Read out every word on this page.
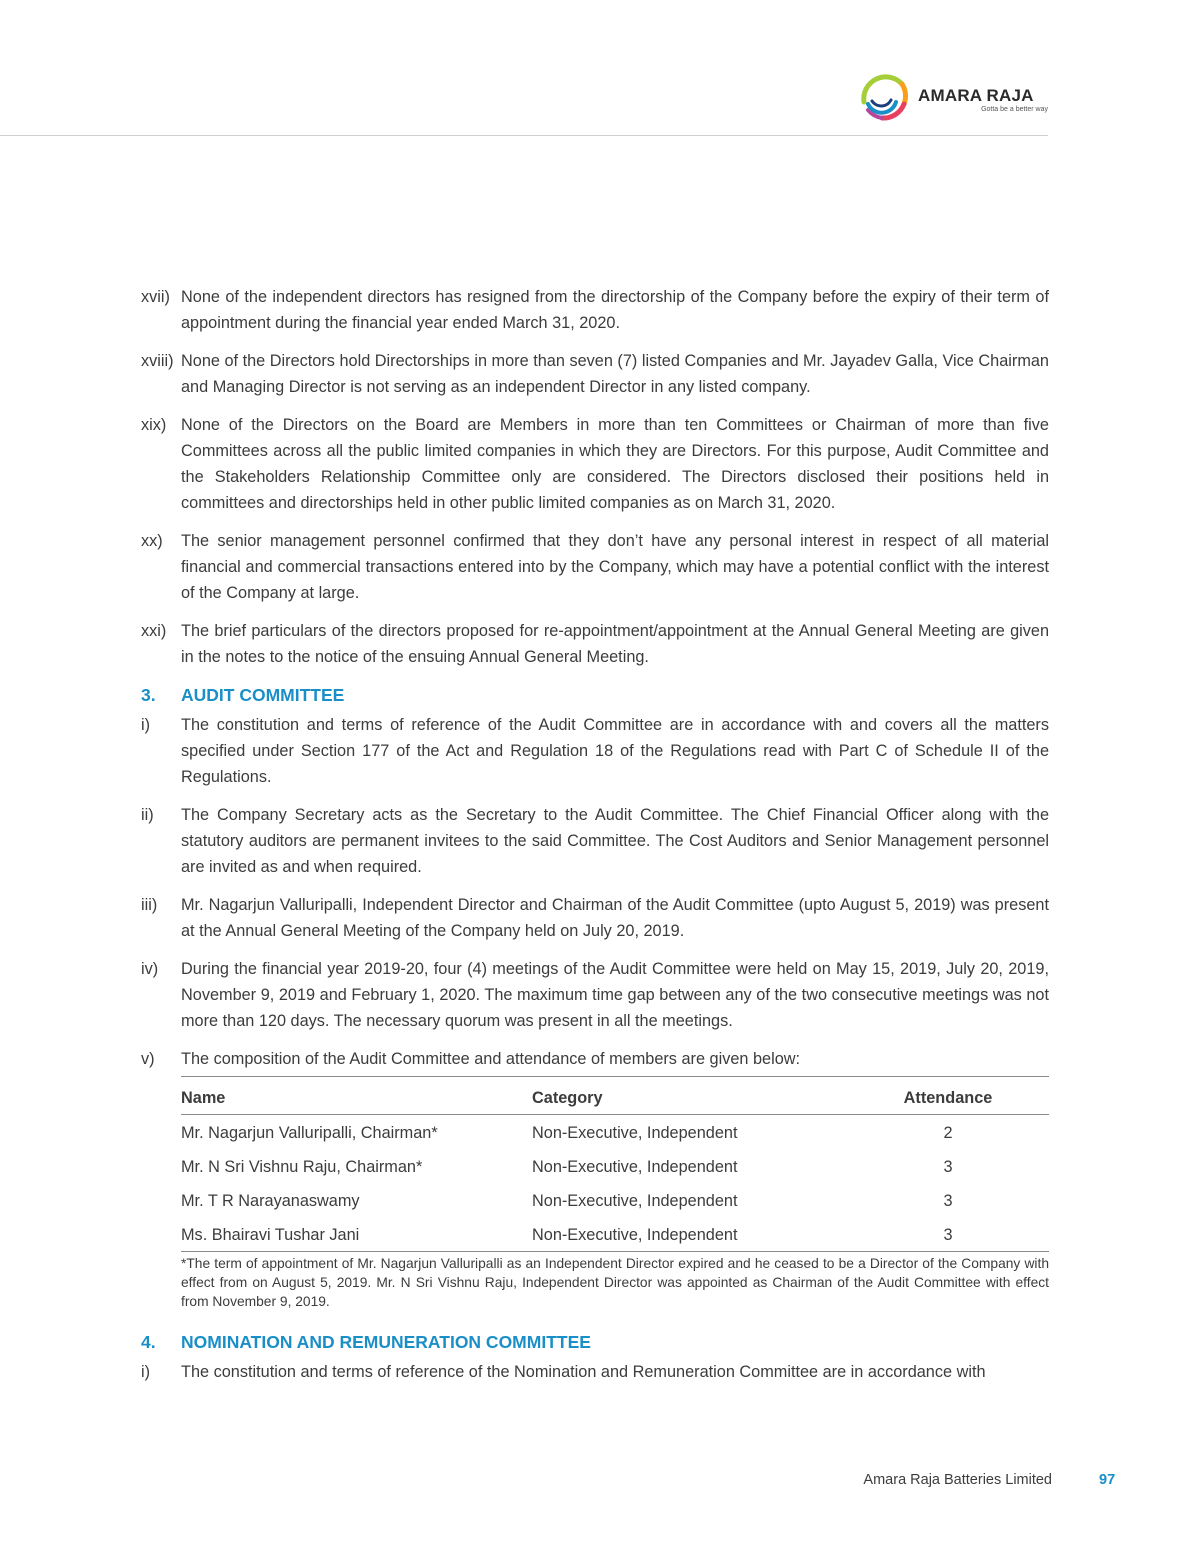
AMARA RAJA
Gotta be a better way
xvii) None of the independent directors has resigned from the directorship of the Company before the expiry of their term of appointment during the financial year ended March 31, 2020.
xviii) None of the Directors hold Directorships in more than seven (7) listed Companies and Mr. Jayadev Galla, Vice Chairman and Managing Director is not serving as an independent Director in any listed company.
xix) None of the Directors on the Board are Members in more than ten Committees or Chairman of more than five Committees across all the public limited companies in which they are Directors. For this purpose, Audit Committee and the Stakeholders Relationship Committee only are considered. The Directors disclosed their positions held in committees and directorships held in other public limited companies as on March 31, 2020.
xx)	The senior management personnel confirmed that they don’t have any personal interest in respect of all material financial and commercial transactions entered into by the Company, which may have a potential conflict with the interest of the Company at large.
xxi) The brief particulars of the directors proposed for re-appointment/appointment at the Annual General Meeting are given in the notes to the notice of the ensuing Annual General Meeting.
3.	AUDIT COMMITTEE
i)	The constitution and terms of reference of the Audit Committee are in accordance with and covers all the matters specified under Section 177 of the Act and Regulation 18 of the Regulations read with Part C of Schedule II of the Regulations.
ii)	The Company Secretary acts as the Secretary to the Audit Committee. The Chief Financial Officer along with the statutory auditors are permanent invitees to the said Committee. The Cost Auditors and Senior Management personnel are invited as and when required.
iii)	Mr. Nagarjun Valluripalli, Independent Director and Chairman of the Audit Committee (upto August 5, 2019) was present at the Annual General Meeting of the Company held on July 20, 2019.
iv)	During the financial year 2019-20, four (4) meetings of the Audit Committee were held on May 15, 2019, July 20, 2019, November 9, 2019 and February 1, 2020. The maximum time gap between any of the two consecutive meetings was not more than 120 days. The necessary quorum was present in all the meetings.
v)	The composition of the Audit Committee and attendance of members are given below:
Name	Category	Attendance	
Mr. Nagarjun Valluripalli, Chairman*	Non-Executive, Independent	2	
Mr. N Sri Vishnu Raju, Chairman*	Non-Executive, Independent	3	
Mr. T R Narayanaswamy	Non-Executive, Independent	3	
Ms. Bhairavi Tushar Jani	Non-Executive, Independent	3	
*The term of appointment of Mr. Nagarjun Valluripalli as an Independent Director expired and he ceased to be a Director of the Company with effect from on August 5, 2019. Mr. N Sri Vishnu Raju, Independent Director was appointed as Chairman of the Audit Committee with effect from November 9, 2019.
4.	NOMINATION AND REMUNERATION COMMITTEE
i)	The constitution and terms of reference of the Nomination and Remuneration Committee are in accordance with
Amara Raja Batteries Limited	97
